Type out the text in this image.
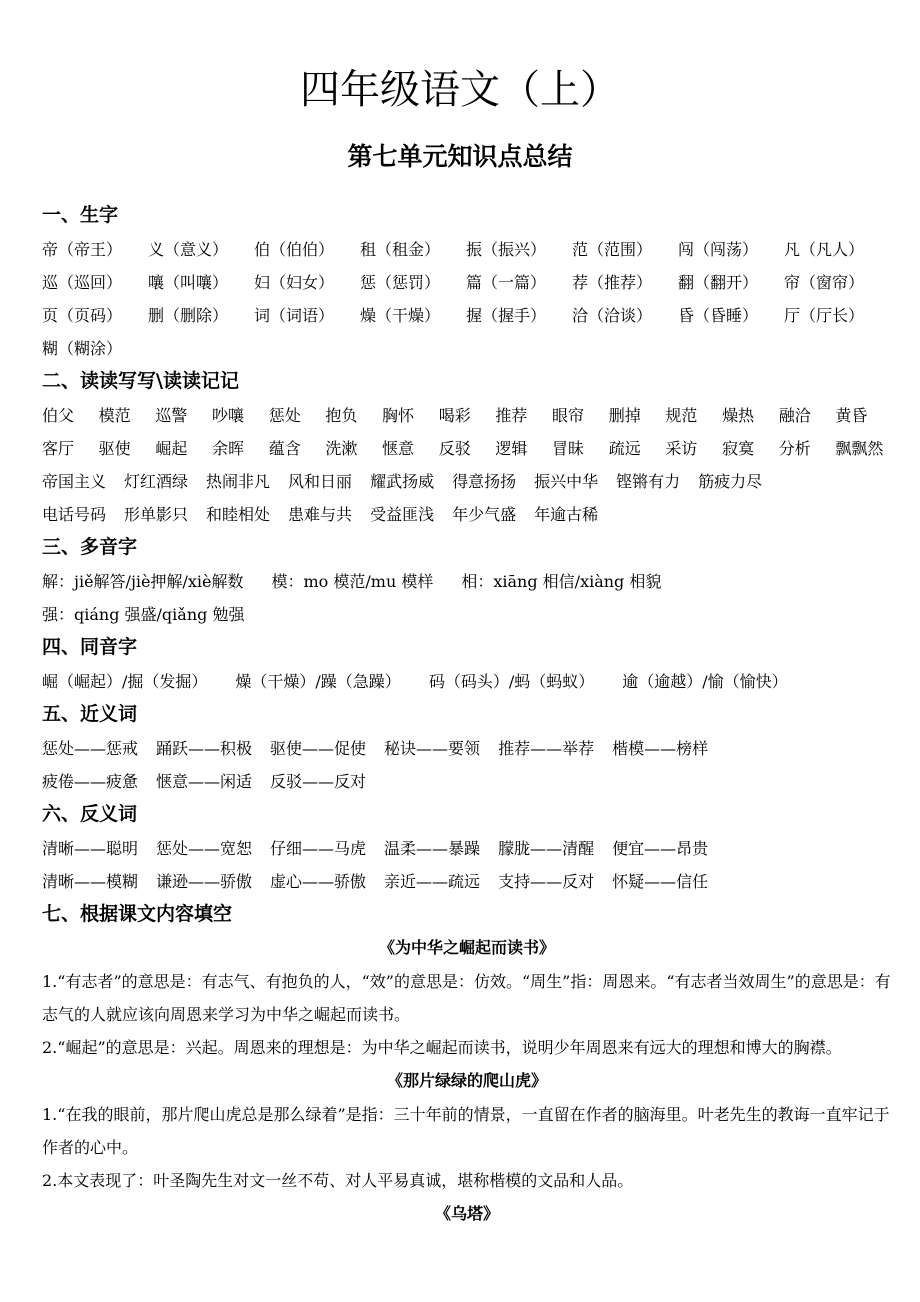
四年级语文（上）
第七单元知识点总结
一、生字
帝（帝王）	义（意义）	伯（伯伯）	租（租金）	振（振兴）	范（范围）	闯（闯荡）	凡（凡人）
巡（巡回）	嚷（叫嚷）	妇（妇女）	惩（惩罚）	篇（一篇）	荐（推荐）	翻（翻开）	帘（窗帘）
页（页码）	删（删除）	词（词语）	燥（干燥）	握（握手）	洽（洽谈）	昏（昏睡）	厅（厅长）
糊（糊涂）
二、读读写写\读读记记
伯父	模范	巡警	吵嚷	惩处	抱负	胸怀	喝彩	推荐	眼帘	删掉	规范	燥热	融洽	黄昏
客厅	驱使	崛起	余晖	蕴含	洗漱	惬意	反驳	逻辑	冒昧	疏远	采访	寂寞	分析	飘飘然
帝国主义 灯红酒绿 热闹非凡 风和日丽 耀武扬威 得意扬扬 振兴中华 铿锵有力 筋疲力尽
电话号码 形单影只 和睦相处 患难与共 受益匪浅 年少气盛 年逾古稀
三、多音字
解：jiě解答/jiè押解/xiè解数 模：mo 模范/mu 模样 相：xiāng 相信/xiàng 相貌
强：qiáng 强盛/qiǎng 勉强
四、同音字
崛（崛起）/掘（发掘） 燥（干燥）/躁（急躁） 码（码头）/蚂（蚂蚁） 逾（逾越）/愉（愉快）
五、近义词
惩处——惩戒 踊跃——积极 驱使——促使 秘诀——要领 推荐——举荐 楷模——榜样
疲倦——疲惫 惬意——闲适 反驳——反对
六、反义词
清晰——聪明 惩处——宽恕 仔细——马虎 温柔——暴躁 朦胧——清醒 便宜——昂贵
清晰——模糊 谦逊——骄傲 虚心——骄傲 亲近——疏远 支持——反对 怀疑——信任
七、根据课文内容填空
《为中华之崛起而读书》
1.“有志者”的意思是：有志气、有抱负的人，“效”的意思是：仿效。“周生”指：周恩来。“有志者当效周生”的意思是：有志气的人就应该向周恩来学习为中华之崛起而读书。
2.“崛起”的意思是：兴起。周恩来的理想是：为中华之崛起而读书，说明少年周恩来有远大的理想和博大的胸襟。
《那片绿绿的爬山虎》
1.“在我的眼前，那片爬山虎总是那么绿着”是指：三十年前的情景，一直留在作者的脑海里。叶老先生的教诲一直牢记于作者的心中。
2.本文表现了：叶圣陶先生对文一丝不苟、对人平易真诚，堪称楷模的文品和人品。
《乌塔》
